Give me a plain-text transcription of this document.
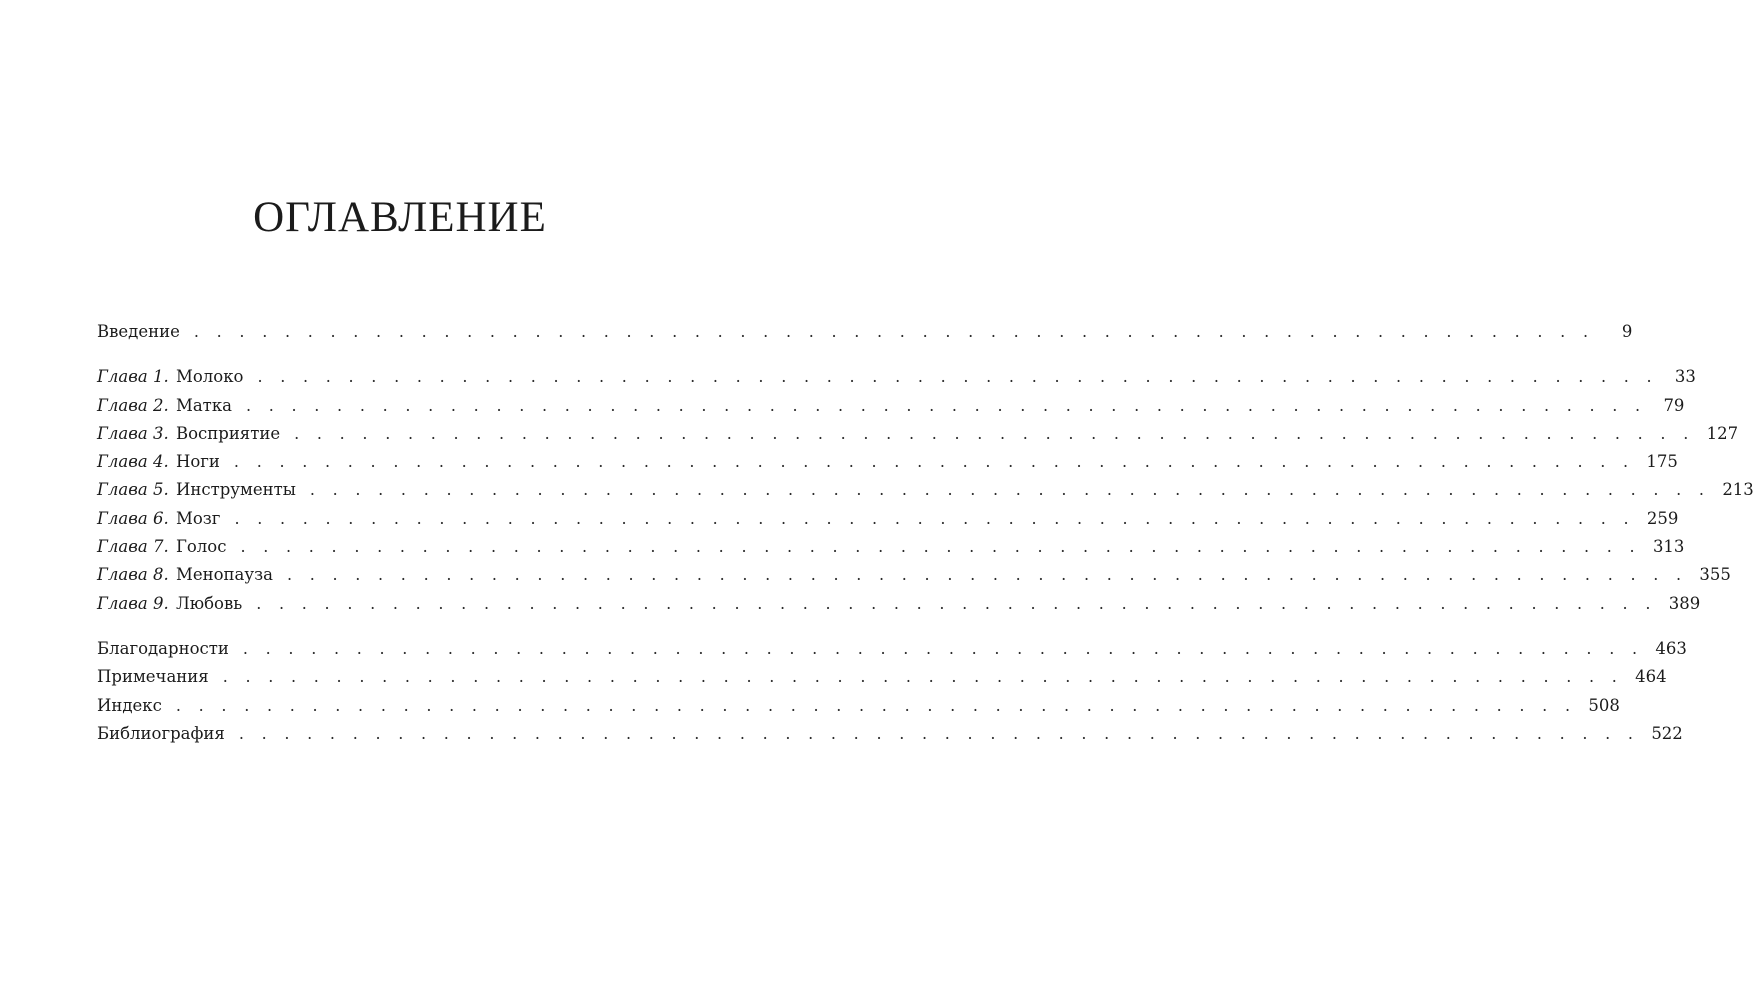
ОГЛАВЛЕНИЕ
Введение . . . . . . . . . . . . . . . . . . . . . . . . . . . . . . . . . . . . . . . . . . . . . . . . . . . . . . . . . . . . . .	9
Глава 1. Молоко . . . . . . . . . . . . . . . . . . . . . . . . . . . . . . . . . . . . . . . . . . . . . . . . . . . . . . . . . . . . . .	33
Глава 2. Матка . . . . . . . . . . . . . . . . . . . . . . . . . . . . . . . . . . . . . . . . . . . . . . . . . . . . . . . . . . . . . .	79
Глава 3. Восприятие . . . . . . . . . . . . . . . . . . . . . . . . . . . . . . . . . . . . . . . . . . . . . . . . . . . . . . . . . . . . . . 127
Глава 4. Ноги . . . . . . . . . . . . . . . . . . . . . . . . . . . . . . . . . . . . . . . . . . . . . . . . . . . . . . . . . . . . . . 175
Глава 5. Инструменты . . . . . . . . . . . . . . . . . . . . . . . . . . . . . . . . . . . . . . . . . . . . . . . . . . . . . . . . . . . . . . 213
Глава 6. Мозг . . . . . . . . . . . . . . . . . . . . . . . . . . . . . . . . . . . . . . . . . . . . . . . . . . . . . . . . . . . . . . 259
Глава 7. Голос . . . . . . . . . . . . . . . . . . . . . . . . . . . . . . . . . . . . . . . . . . . . . . . . . . . . . . . . . . . . . . 313
Глава 8. Менопауза . . . . . . . . . . . . . . . . . . . . . . . . . . . . . . . . . . . . . . . . . . . . . . . . . . . . . . . . . . . . . . 355
Глава 9. Любовь . . . . . . . . . . . . . . . . . . . . . . . . . . . . . . . . . . . . . . . . . . . . . . . . . . . . . . . . . . . . . . 389
Благодарности . . . . . . . . . . . . . . . . . . . . . . . . . . . . . . . . . . . . . . . . . . . . . . . . . . . . . . . . . . . . . . 463
Примечания . . . . . . . . . . . . . . . . . . . . . . . . . . . . . . . . . . . . . . . . . . . . . . . . . . . . . . . . . . . . . . 464
Индекс . . . . . . . . . . . . . . . . . . . . . . . . . . . . . . . . . . . . . . . . . . . . . . . . . . . . . . . . . . . . . . 508
Библиография . . . . . . . . . . . . . . . . . . . . . . . . . . . . . . . . . . . . . . . . . . . . . . . . . . . . . . . . . . . . . . 522
